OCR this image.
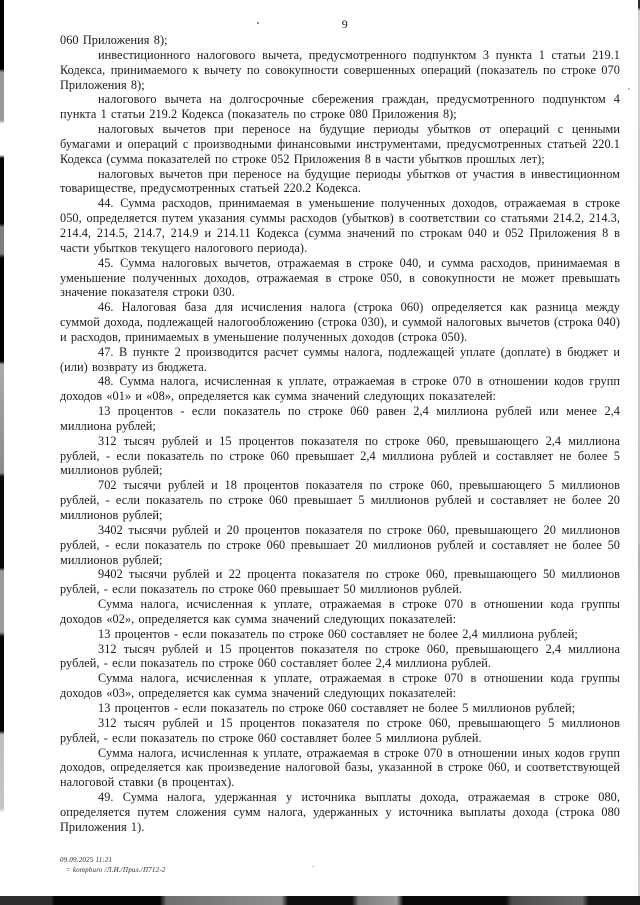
9

060 Приложения 8);

инвестиционного налогового вычета, предусмотренного подпунктом 3 пункта 1 статьи 219.1 Кодекса, принимаемого к вычету по совокупности совершенных операций (показатель по строке 070 Приложения 8);

налогового вычета на долгосрочные сбережения граждан, предусмотренного подпунктом 4 пункта 1 статьи 219.2 Кодекса (показатель по строке 080 Приложения 8);

налоговых вычетов при переносе на будущие периоды убытков от операций с ценными бумагами и операций с производными финансовыми инструментами, предусмотренных статьей 220.1 Кодекса (сумма показателей по строке 052 Приложения 8 в части убытков прошлых лет);

налоговых вычетов при переносе на будущие периоды убытков от участия в инвестиционном товариществе, предусмотренных статьей 220.2 Кодекса.

44. Сумма расходов, принимаемая в уменьшение полученных доходов, отражаемая в строке 050, определяется путем указания суммы расходов (убытков) в соответствии со статьями 214.2, 214.3, 214.4, 214.5, 214.7, 214.9 и 214.11 Кодекса (сумма значений по строкам 040 и 052 Приложения 8 в части убытков текущего налогового периода).

45. Сумма налоговых вычетов, отражаемая в строке 040, и сумма расходов, принимаемая в уменьшение полученных доходов, отражаемая в строке 050, в совокупности не может превышать значение показателя строки 030.

46. Налоговая база для исчисления налога (строка 060) определяется как разница между суммой дохода, подлежащей налогообложению (строка 030), и суммой налоговых вычетов (строка 040) и расходов, принимаемых в уменьшение полученных доходов (строка 050).

47. В пункте 2 производится расчет суммы налога, подлежащей уплате (доплате) в бюджет и (или) возврату из бюджета.

48. Сумма налога, исчисленная к уплате, отражаемая в строке 070 в отношении кодов групп доходов «01» и «08», определяется как сумма значений следующих показателей:

13 процентов - если показатель по строке 060 равен 2,4 миллиона рублей или менее 2,4 миллиона рублей;

312 тысяч рублей и 15 процентов показателя по строке 060, превышающего 2,4 миллиона рублей, - если показатель по строке 060 превышает 2,4 миллиона рублей и составляет не более 5 миллионов рублей;

702 тысячи рублей и 18 процентов показателя по строке 060, превышающего 5 миллионов рублей, - если показатель по строке 060 превышает 5 миллионов рублей и составляет не более 20 миллионов рублей;

3402 тысячи рублей и 20 процентов показателя по строке 060, превышающего 20 миллионов рублей, - если показатель по строке 060 превышает 20 миллионов рублей и составляет не более 50 миллионов рублей;

9402 тысячи рублей и 22 процента показателя по строке 060, превышающего 50 миллионов рублей, - если показатель по строке 060 превышает 50 миллионов рублей.

Сумма налога, исчисленная к уплате, отражаемая в строке 070 в отношении кода группы доходов «02», определяется как сумма значений следующих показателей:

13 процентов - если показатель по строке 060 составляет не более 2,4 миллиона рублей;

312 тысяч рублей и 15 процентов показателя по строке 060, превышающего 2,4 миллиона рублей, - если показатель по строке 060 составляет более 2,4 миллиона рублей.

Сумма налога, исчисленная к уплате, отражаемая в строке 070 в отношении кода группы доходов «03», определяется как сумма значений следующих показателей:

13 процентов - если показатель по строке 060 составляет не более 5 миллионов рублей;

312 тысяч рублей и 15 процентов показателя по строке 060, превышающего 5 миллионов рублей, - если показатель по строке 060 составляет более 5 миллиона рублей.

Сумма налога, исчисленная к уплате, отражаемая в строке 070 в отношении иных кодов групп доходов, определяется как произведение налоговой базы, указанной в строке 060, и соответствующей налоговой ставки (в процентах).

49. Сумма налога, удержанная у источника выплаты дохода, отражаемая в строке 080, определяется путем сложения сумм налога, удержанных у источника выплаты дохода (строка 080 Приложения 1).

09.09.2025 11:21
= kompburo /Л.И./Прил./П712-2
